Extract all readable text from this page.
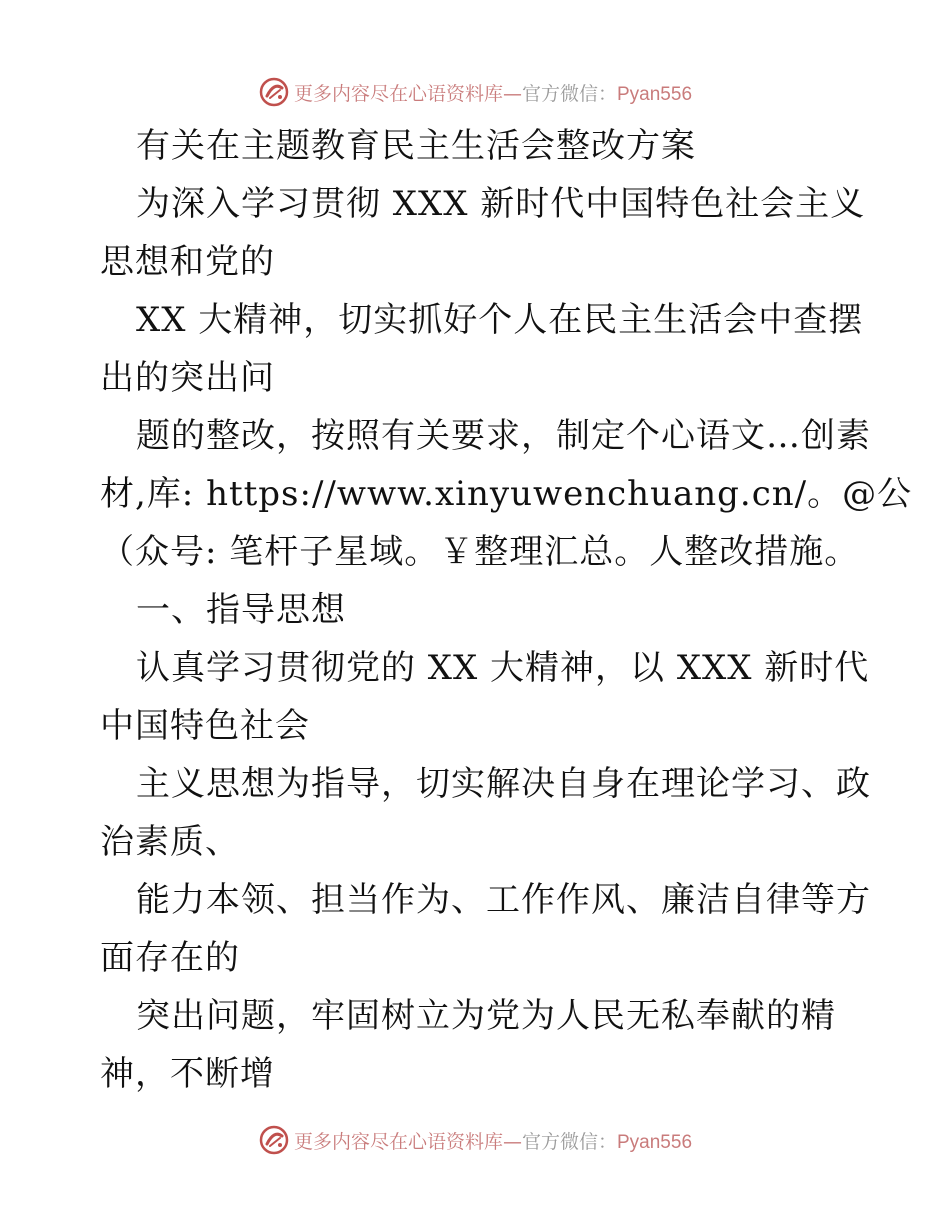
更多内容尽在心语资料库—官方微信：Pyan556
有关在主题教育民主生活会整改方案
为深入学习贯彻 XXX 新时代中国特色社会主义
思想和党的
XX 大精神，切实抓好个人在民主生活会中查摆
出的突出问
题的整改，按照有关要求，制定个心语文…创素
材,库: https://www.xinyuwenchuang.cn/。@公
（众号: 笔杆子星域。￥整理汇总。人整改措施。
一、指导思想
认真学习贯彻党的 XX 大精神，以 XXX 新时代
中国特色社会
主义思想为指导，切实解决自身在理论学习、政
治素质、
能力本领、担当作为、工作作风、廉洁自律等方
面存在的
突出问题，牢固树立为党为人民无私奉献的精
神，不断增
更多内容尽在心语资料库—官方微信：Pyan556
